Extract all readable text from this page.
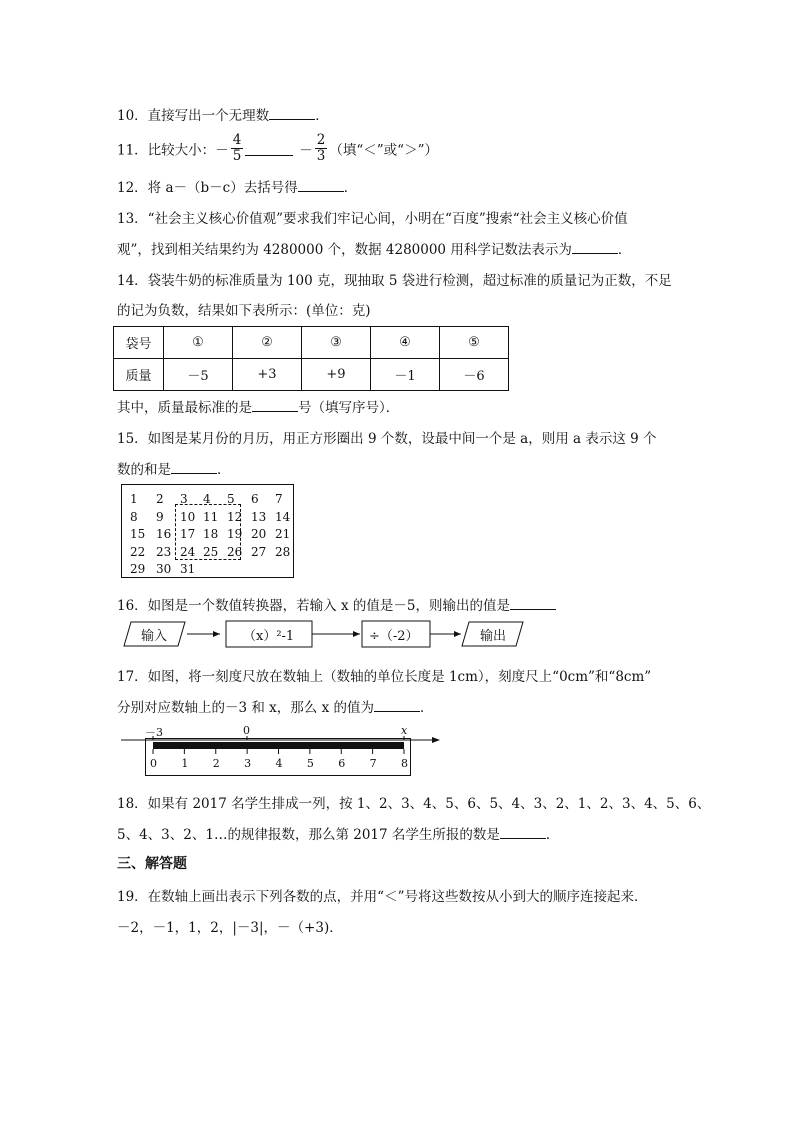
10．直接写出一个无理数	．
11．比较大小：－ $\frac{4}{5}$	－ $\frac{2}{3}$ （填“＜”或“＞”）
12．将 a－（b－c）去括号得	．
13．“社会主义核心价值观”要求我们牢记心间，小明在“百度”搜索“社会主义核心价值
观”，找到相关结果约为 4280000 个，数据 4280000 用科学记数法表示为	．
14．袋装牛奶的标准质量为 100 克，现抽取 5 袋进行检测，超过标准的质量记为正数，不足
的记为负数，结果如下表所示：(单位：克)
袋号	①	②	③	④	⑤
质量	－5	+3	+9	－1	－6
其中，质量最标准的是	号（填写序号）．
15．如图是某月份的月历，用正方形圈出 9 个数，设最中间一个是 a，则用 a 表示这 9 个
数的和是	．
1	2	3	4	5	6	7
8	9	10 11 12 13 14
15 16 17 18 19 20 21
22 23 24 25 26 27 28
29 30 31
16．如图是一个数值转换器，若输入 x 的值是－5，则输出的值是
输入	（x）²-1	÷（-2）	输出
17．如图，将一刻度尺放在数轴上（数轴的单位长度是 1cm），刻度尺上“0cm”和“8cm”
分别对应数轴上的－3 和 x，那么 x 的值为	．
－3	0	x
0 1 2 3 4 5 6 7 8
18．如果有 2017 名学生排成一列，按 1、2、3、4、5、6、5、4、3、2、1、2、3、4、5、6、
5、4、3、2、1…的规律报数，那么第 2017 名学生所报的数是	．
三、解答题
19．在数轴上画出表示下列各数的点，并用“＜”号将这些数按从小到大的顺序连接起来．
－2，－1，1，2，|－3|，－（+3)．
